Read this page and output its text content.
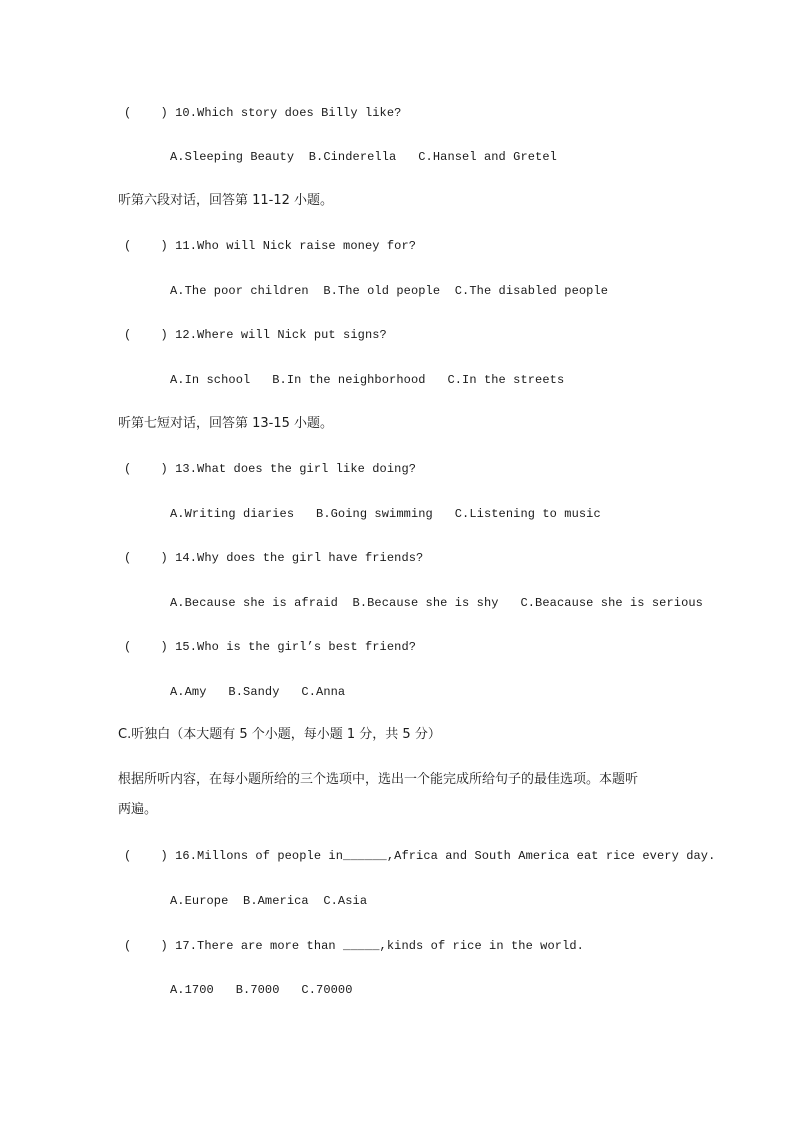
(    ) 10.Which story does Billy like?
A.Sleeping Beauty  B.Cinderella   C.Hansel and Gretel
听第六段对话，回答第 11-12 小题。
(    ) 11.Who will Nick raise money for?
A.The poor children  B.The old people  C.The disabled people
(    ) 12.Where will Nick put signs?
A.In school   B.In the neighborhood   C.In the streets
听第七短对话，回答第 13-15 小题。
(    ) 13.What does the girl like doing?
A.Writing diaries   B.Going swimming   C.Listening to music
(    ) 14.Why does the girl have friends?
A.Because she is afraid  B.Because she is shy   C.Beacause she is serious
(    ) 15.Who is the girl’s best friend?
A.Amy   B.Sandy   C.Anna
C.听独白（本大题有 5 个小题，每小题 1 分，共 5 分）
根据所听内容，在每小题所给的三个选项中，选出一个能完成所给句子的最佳选项。本题听
两遍。
(    ) 16.Millons of people in______,Africa and South America eat rice every day.
A.Europe  B.America  C.Asia
(    ) 17.There are more than _____,kinds of rice in the world.
A.1700   B.7000   C.70000
